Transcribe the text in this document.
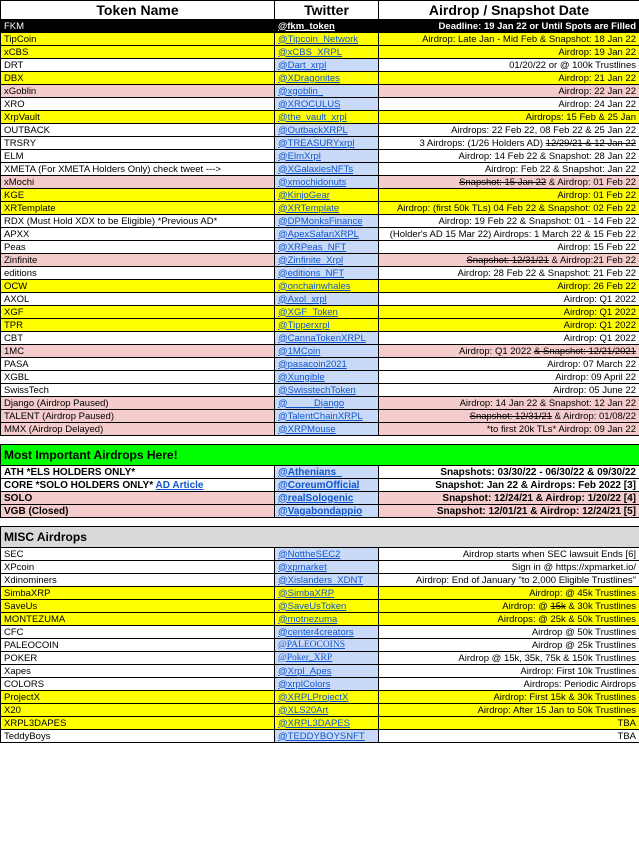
Token Name	Twitter	Airdrop / Snapshot Date
FKM	@fkm_token	Deadline: 19 Jan 22 or Until Spots are Filled
TipCoin	@Tipcoin_Network	Airdrop: Late Jan - Mid Feb & Snapshot: 18 Jan 22
xCBS	@xCBS_XRPL	Airdrop: 19 Jan 22
DRT	@Dart_xrpl	01/20/22 or @ 100k Trustlines
DBX	@XDragonites	Airdrop: 21 Jan 22
xGoblin	@xgoblin_	Airdrop: 22 Jan 22
XRO	@XROCULUS	Airdrop: 24 Jan 22
XrpVault	@the_vault_xrpl	Airdrops: 15 Feb & 25 Jan
OUTBACK	@OutbackXRPL	Airdrops: 22 Feb 22, 08 Feb 22 & 25 Jan 22
TRSRY	@TREASURYxrpl	3 Airdrops: (1/26 Holders AD) 12/29/21 & 12 Jan 22
ELM	@ElmXrpl	Airdrop: 14 Feb 22 & Snapshot: 28 Jan 22
XMETA (For XMETA Holders Only) check tweet --->	@XGalaxiesNFTs	Airdrop: Feb 22 & Snapshot: Jan 22
xMochi	@xmochidonuts	Snapshot: 15 Jan 22 & Airdrop: 01 Feb 22
KGE	@KinjoGear	Airdrop: 01 Feb 22
XRTemplate	@XRTemplate	Airdrop: (first 50k TLs) 04 Feb 22 & Snapshot: 02 Feb 22
RDX (Must Hold XDX to be Eligible) *Previous AD*	@DPMonksFinance	Airdrop: 19 Feb 22 & Snapshot: 01 - 14 Feb 22
APXX	@ApexSafariXRPL	(Holder's AD 15 Mar 22) Airdrops: 1 March 22 & 15 Feb 22
Peas	@XRPeas_NFT	Airdrop: 15 Feb 22
Zinfinite	@Zinfinite_Xrpl	Snapshot: 12/31/21 & Airdrop:21 Feb 22
editions	@editions_NFT	Airdrop: 28 Feb 22 & Snapshot: 21 Feb 22
OCW	@onchainwhales	Airdrop: 26 Feb 22
AXOL	@Axol_xrpl	Airdrop: Q1 2022
XGF	@XGF_Token	Airdrop: Q1 2022
TPR	@Tipperxrpl	Airdrop: Q1 2022
CBT	@CannaTokenXRPL	Airdrop: Q1 2022
1MC	@1MCoin	Airdrop: Q1 2022 & Snapshot: 12/21/2021
PASA	@pasacoin2021	Airdrop: 07 March 22
XGBL	@Xungible	Airdrop: 09 April 22
SwissTech	@SwisstechToken	Airdrop: 05 June 22
Django (Airdrop Paused)	@_____Django	Airdrop: 14 Jan 22 & Snapshot: 12 Jan 22
TALENT (Airdrop Paused)	@TalentChainXRPL	Snapshot: 12/31/21 & Airdrop: 01/08/22
MMX (Airdrop Delayed)	@XRPMouse	*to first 20k TLs* Airdrop: 09 Jan 22

Most Important Airdrops Here!		
ATH *ELS HOLDERS ONLY*	@Athenians_	Snapshots: 03/30/22 - 06/30/22 & 09/30/22
CORE *SOLO HOLDERS ONLY* AD Article	@CoreumOfficial	Snapshot: Jan 22 & Airdrops: Feb 2022 [3]
SOLO	@realSologenic	Snapshot: 12/24/21 & Airdrop: 1/20/22 [4]
VGB (Closed)	@Vagabondappio	Snapshot: 12/01/21 & Airdrop: 12/24/21 [5]

MISC Airdrops		
SEC	@NottheSEC2	Airdrop starts when SEC lawsuit Ends [6]
XPcoin	@xpmarket	Sign in @ https://xpmarket.io/
Xdinominers	@Xislanders_XDNT	Airdrop: End of January "to 2,000 Eligible Trustlines"
SimbaXRP	@SimbaXRP	Airdrop: @ 45k Trustlines
SaveUs	@SaveUsToken	Airdrop: @ 15k & 30k Trustlines
MONTEZUMA	@motnezuma	Airdrops: @ 25k & 50k Trustlines
CFC	@center4creators	Airdrop @ 50k Trustlines
PALEOCOIN	@PALEOCOINS	Airdrop @ 25k Trustlines
POKER	@Poker_XRP	Airdrop @ 15k, 35k, 75k & 150k Trustlines
Xapes	@Xrpl_Apes	Airdrop: First 10k Trustlines
COLORS	@xrplColors	Airdrops: Periodic Airdrops
ProjectX	@XRPLProjectX	Airdrop: First 15k & 30k Trustlines
X20	@XLS20Art	Airdrop: After 15 Jan to 50k Trustlines
XRPL3DAPES	@XRPL3DAPES	TBA
TeddyBoys	@TEDDYBOYSNFT	TBA
